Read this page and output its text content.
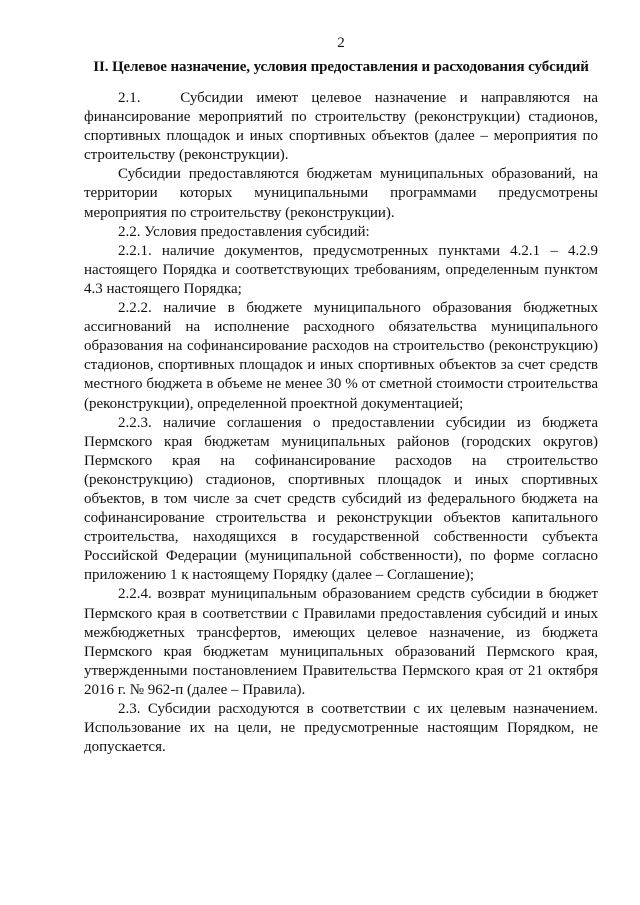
2
II. Целевое назначение, условия предоставления и расходования субсидий

2.1.   Субсидии имеют целевое назначение и направляются на финансирование мероприятий по строительству (реконструкции) стадионов, спортивных площадок и иных спортивных объектов (далее – мероприятия по строительству (реконструкции).

Субсидии предоставляются бюджетам муниципальных образований, на территории которых муниципальными программами предусмотрены мероприятия по строительству (реконструкции).

2.2. Условия предоставления субсидий:

2.2.1. наличие документов, предусмотренных пунктами 4.2.1 – 4.2.9 настоящего Порядка и соответствующих требованиям, определенным пунктом 4.3 настоящего Порядка;

2.2.2. наличие в бюджете муниципального образования бюджетных ассигнований на исполнение расходного обязательства муниципального образования на софинансирование расходов на строительство (реконструкцию) стадионов, спортивных площадок и иных спортивных объектов за счет средств местного бюджета в объеме не менее 30 % от сметной стоимости строительства (реконструкции), определенной проектной документацией;

2.2.3. наличие соглашения о предоставлении субсидии из бюджета Пермского края бюджетам муниципальных районов (городских округов) Пермского края на софинансирование расходов на строительство (реконструкцию) стадионов, спортивных площадок и иных спортивных объектов, в том числе за счет средств субсидий из федерального бюджета на софинансирование строительства и реконструкции объектов капитального строительства, находящихся в государственной собственности субъекта Российской Федерации (муниципальной собственности), по форме согласно приложению 1 к настоящему Порядку (далее – Соглашение);

2.2.4. возврат муниципальным образованием средств субсидии в бюджет Пермского края в соответствии с Правилами предоставления субсидий и иных межбюджетных трансфертов, имеющих целевое назначение, из бюджета Пермского края бюджетам муниципальных образований Пермского края, утвержденными постановлением Правительства Пермского края от 21 октября 2016 г. № 962-п (далее – Правила).

2.3. Субсидии расходуются в соответствии с их целевым назначением. Использование их на цели, не предусмотренные настоящим Порядком, не допускается.
